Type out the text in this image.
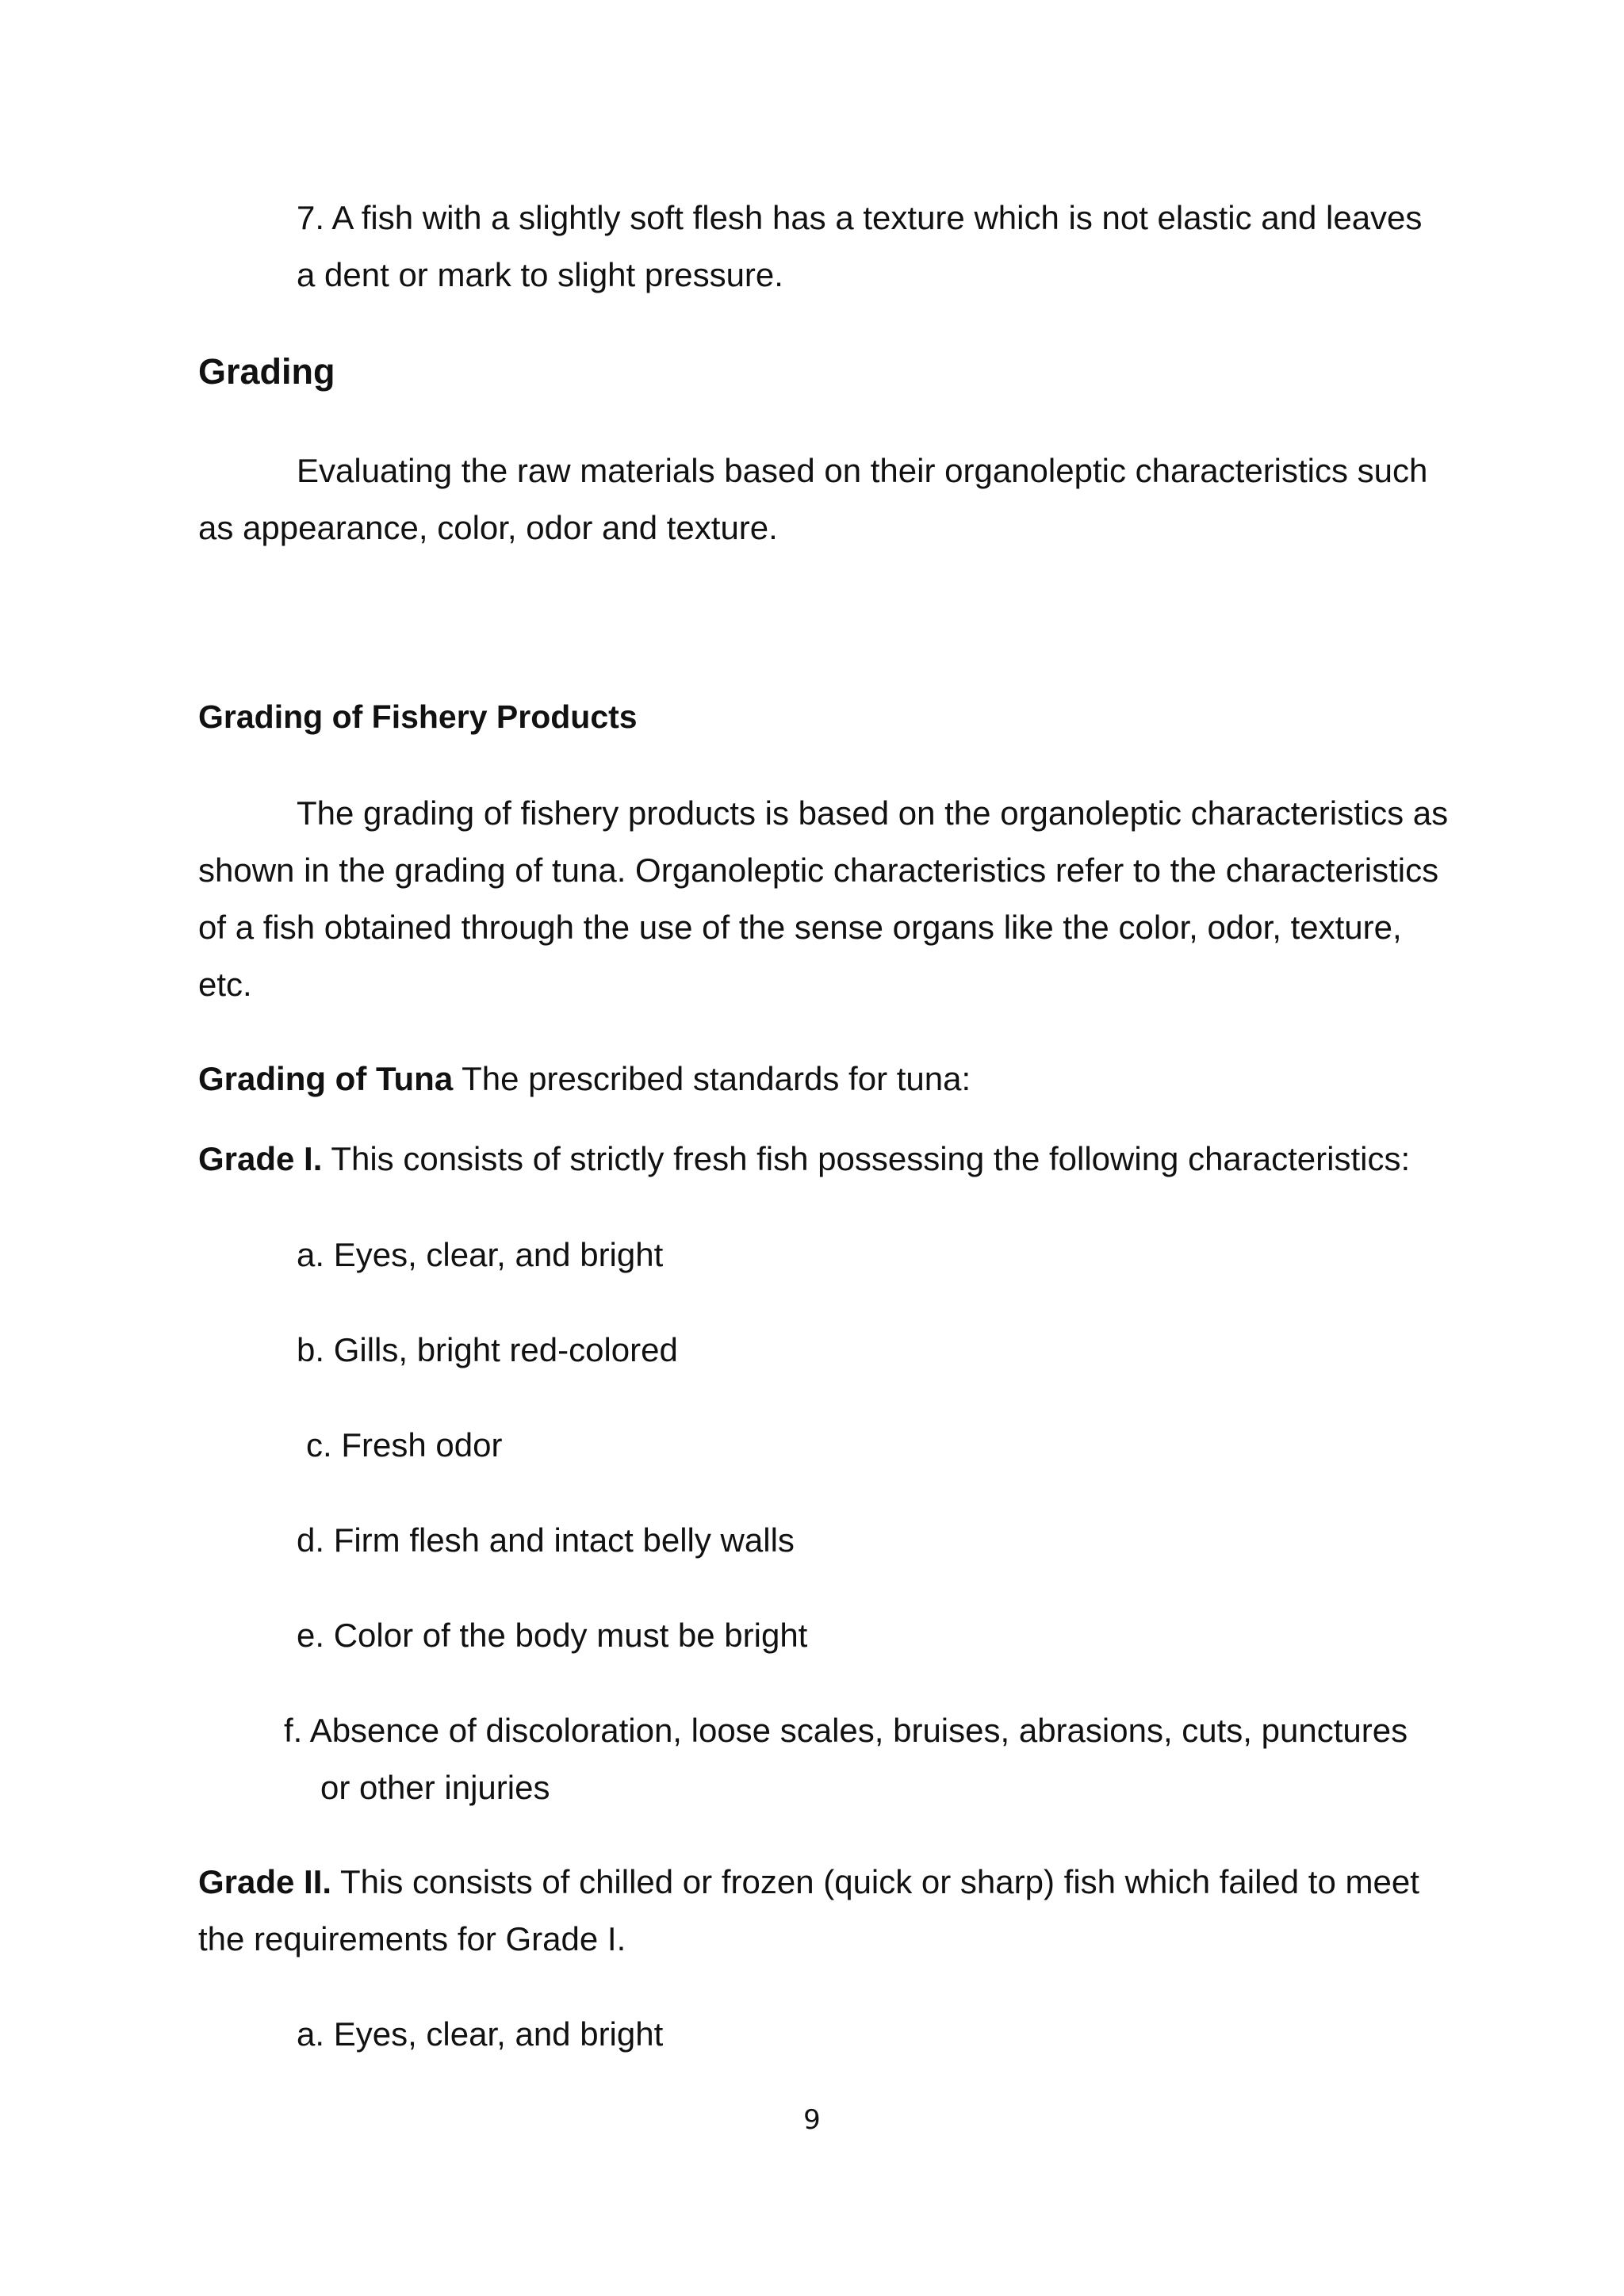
7. A fish with a slightly soft flesh has a texture which is not elastic and leaves
a dent or mark to slight pressure.
Grading
Evaluating the raw materials based on their organoleptic characteristics such
as appearance, color, odor and texture.
Grading of Fishery Products
The grading of fishery products is based on the organoleptic characteristics as
shown in the grading of tuna. Organoleptic characteristics refer to the characteristics
of a fish obtained through the use of the sense organs like the color, odor, texture,
etc.
Grading of Tuna The prescribed standards for tuna:
Grade I. This consists of strictly fresh fish possessing the following characteristics:
a. Eyes, clear, and bright
b. Gills, bright red-colored
c. Fresh odor
d. Firm flesh and intact belly walls
e. Color of the body must be bright
f. Absence of discoloration, loose scales, bruises, abrasions, cuts, punctures
or other injuries
Grade II. This consists of chilled or frozen (quick or sharp) fish which failed to meet
the requirements for Grade I.
a. Eyes, clear, and bright
9
